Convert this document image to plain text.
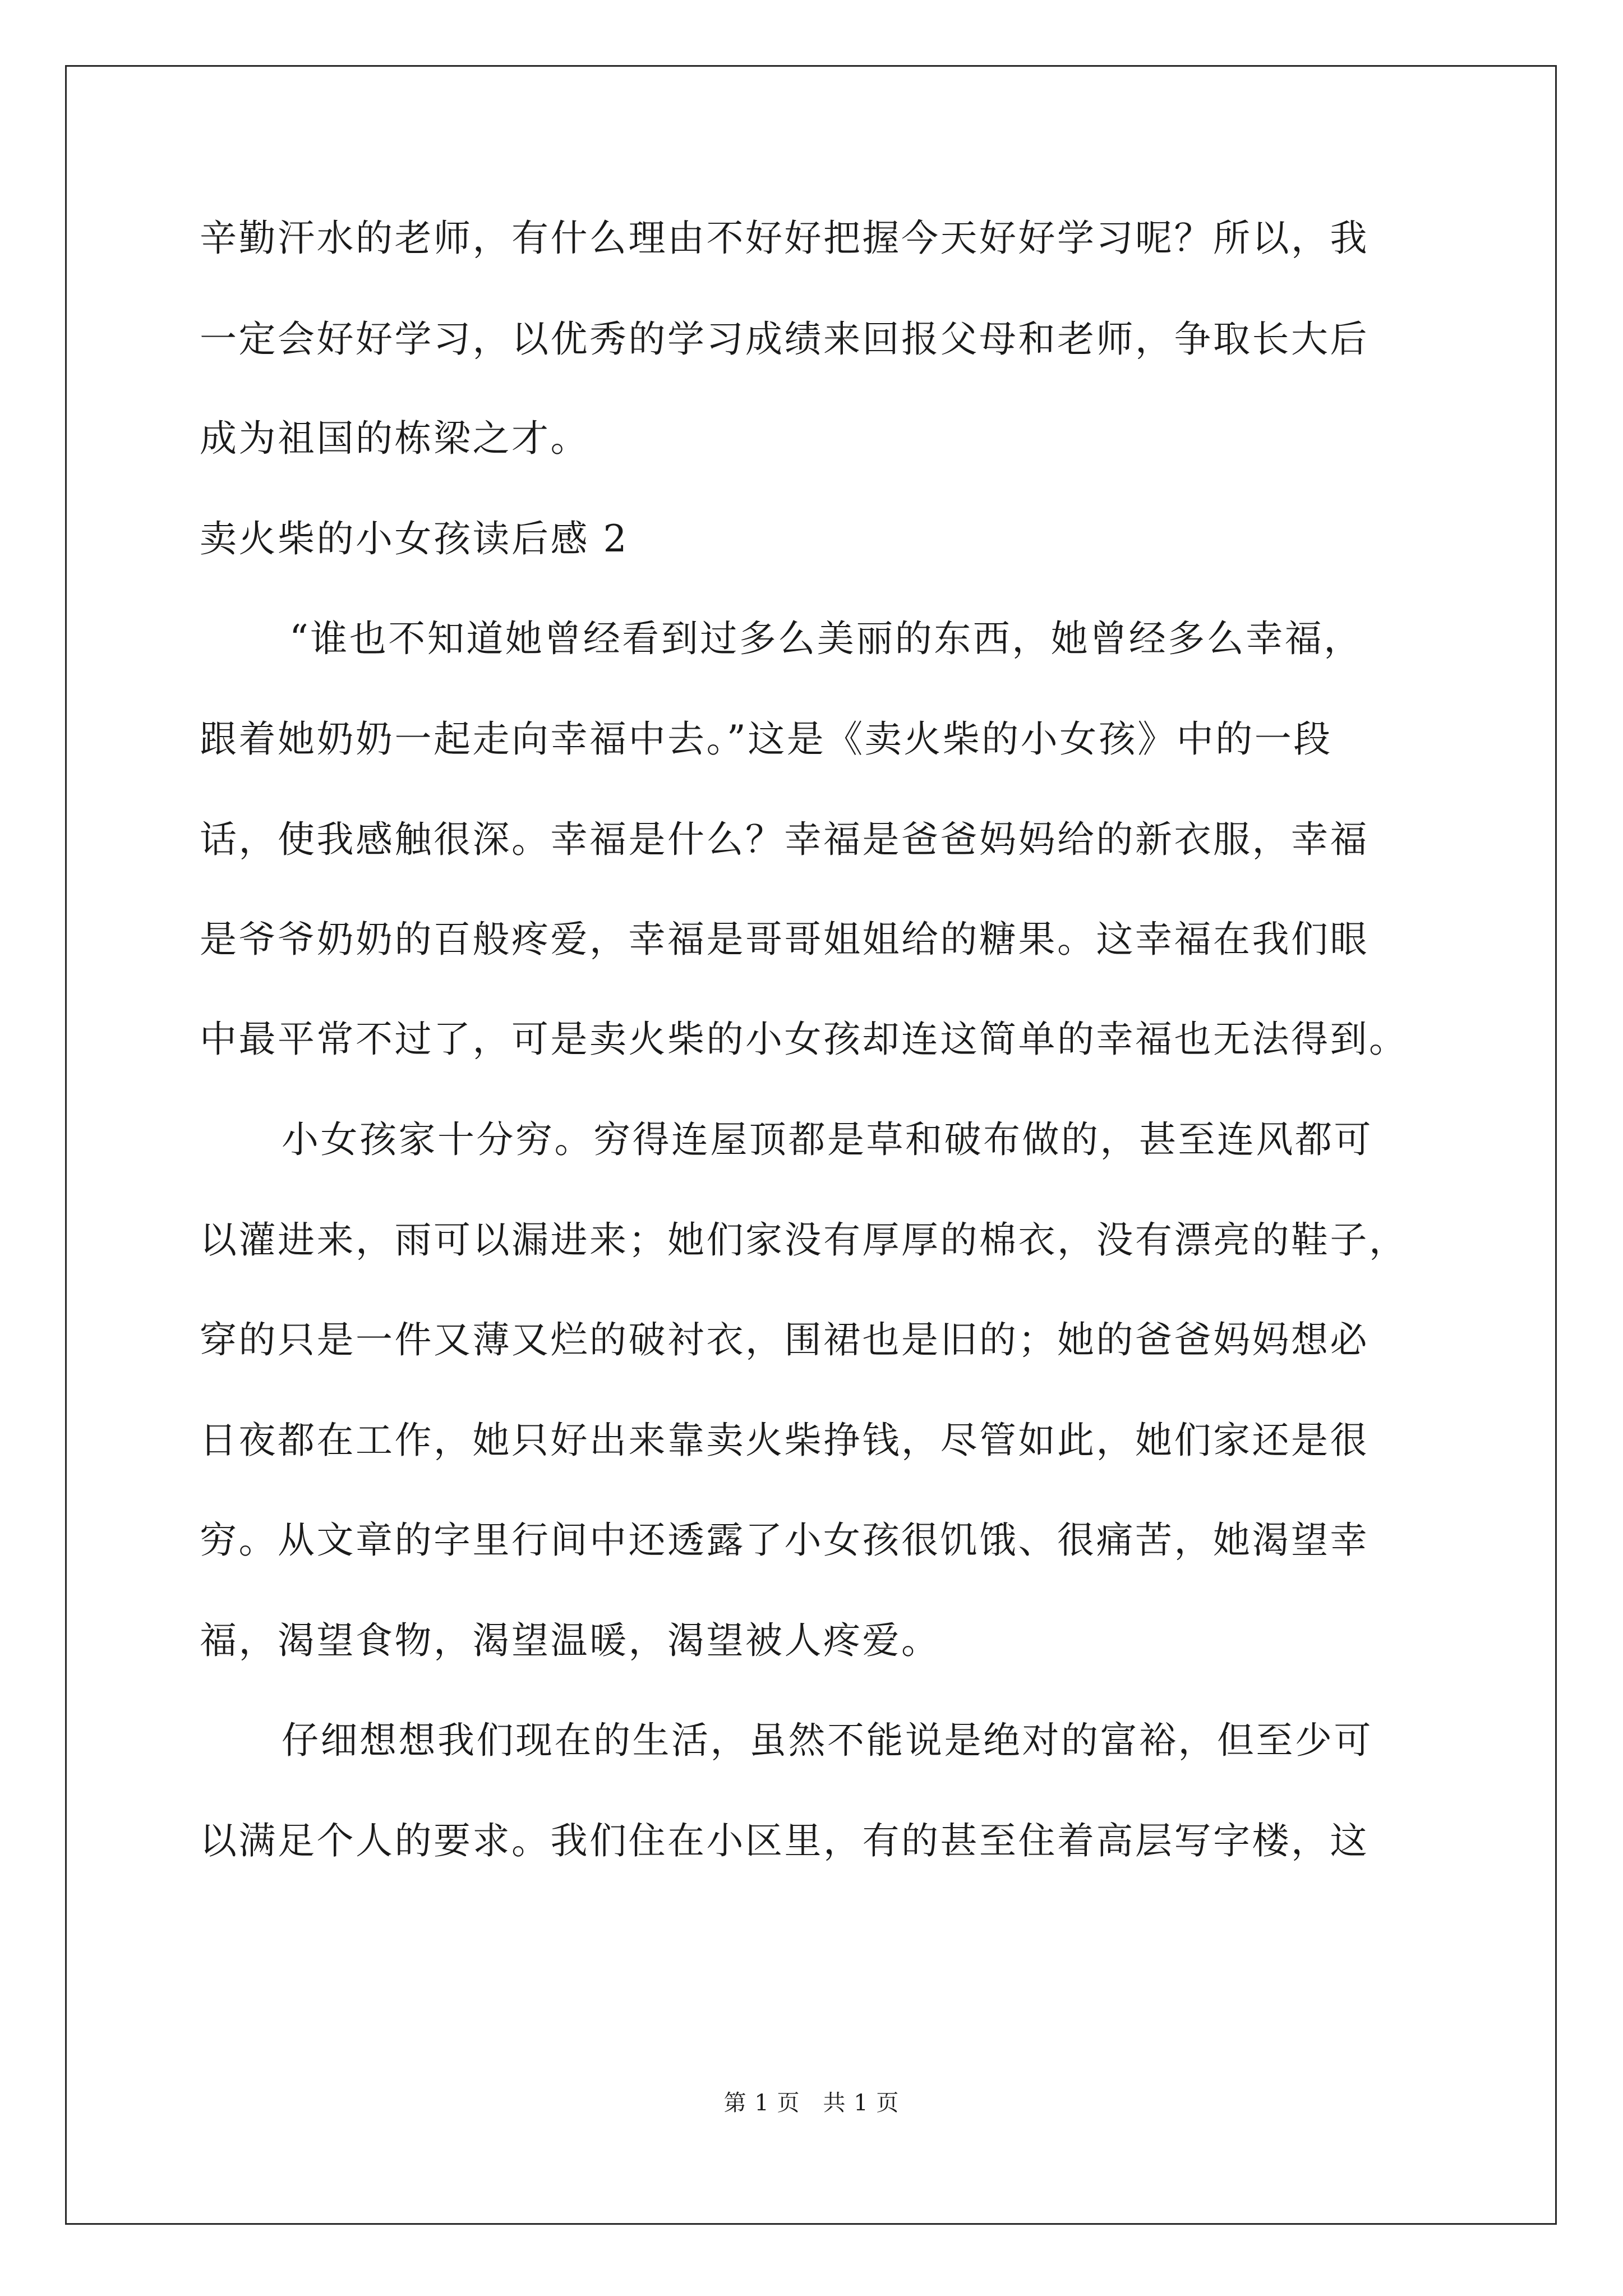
辛勤汗水的老师，有什么理由不好好把握今天好好学习呢？所以，我
一定会好好学习，以优秀的学习成绩来回报父母和老师，争取长大后
成为祖国的栋梁之才。
卖火柴的小女孩读后感 2
“谁也不知道她曾经看到过多么美丽的东西，她曾经多么幸福，
跟着她奶奶一起走向幸福中去。”这是《卖火柴的小女孩》中的一段
话，使我感触很深。幸福是什么？幸福是爸爸妈妈给的新衣服，幸福
是爷爷奶奶的百般疼爱，幸福是哥哥姐姐给的糖果。这幸福在我们眼
中最平常不过了，可是卖火柴的小女孩却连这简单的幸福也无法得到。
小女孩家十分穷。穷得连屋顶都是草和破布做的，甚至连风都可
以灌进来，雨可以漏进来；她们家没有厚厚的棉衣，没有漂亮的鞋子，
穿的只是一件又薄又烂的破衬衣，围裙也是旧的；她的爸爸妈妈想必
日夜都在工作，她只好出来靠卖火柴挣钱，尽管如此，她们家还是很
穷。从文章的字里行间中还透露了小女孩很饥饿、很痛苦，她渴望幸
福，渴望食物，渴望温暖，渴望被人疼爱。
仔细想想我们现在的生活，虽然不能说是绝对的富裕，但至少可
以满足个人的要求。我们住在小区里，有的甚至住着高层写字楼，这
第 1 页　共 1 页
